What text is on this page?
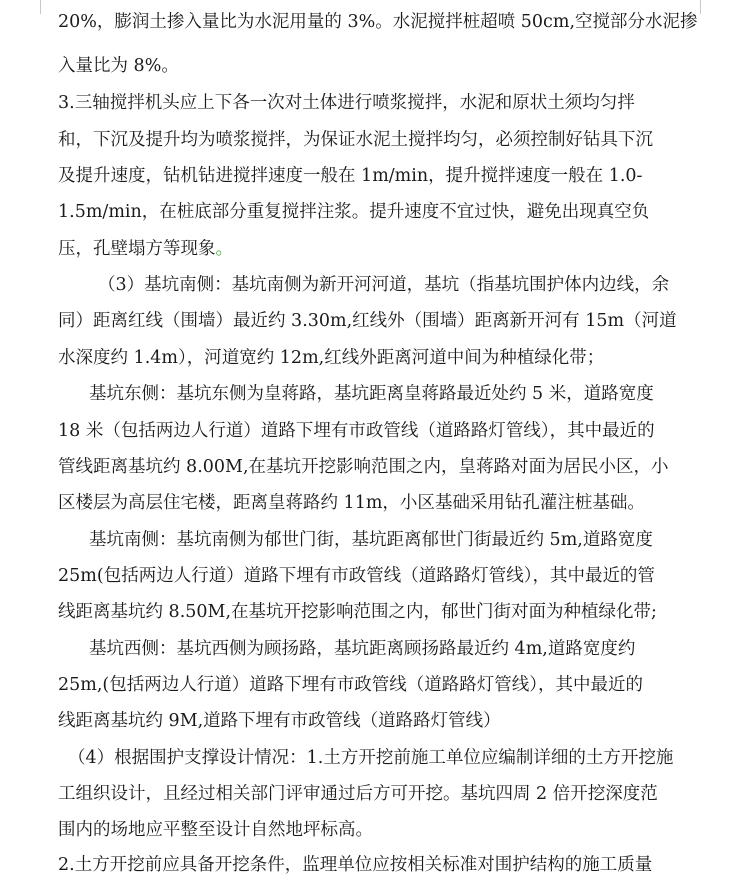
20%，膨润土掺入量比为水泥用量的 3%。水泥搅拌桩超喷 50cm,空搅部分水泥掺
入量比为 8%。
3.三轴搅拌机头应上下各一次对土体进行喷浆搅拌，水泥和原状土须均匀拌
和，下沉及提升均为喷浆搅拌，为保证水泥土搅拌均匀，必须控制好钻具下沉
及提升速度，钻机钻进搅拌速度一般在 1m/min，提升搅拌速度一般在 1.0-
1.5m/min，在桩底部分重复搅拌注浆。提升速度不宜过快，避免出现真空负
压，孔壁塌方等现象。
（3）基坑南侧：基坑南侧为新开河河道，基坑（指基坑围护体内边线，余
同）距离红线（围墙）最近约 3.30m,红线外（围墙）距离新开河有 15m（河道
水深度约 1.4m），河道宽约 12m,红线外距离河道中间为种植绿化带；
基坑东侧：基坑东侧为皇蒋路，基坑距离皇蒋路最近处约 5 米，道路宽度
18 米（包括两边人行道）道路下埋有市政管线（道路路灯管线），其中最近的
管线距离基坑约 8.00M,在基坑开挖影响范围之内，皇蒋路对面为居民小区，小
区楼层为高层住宅楼，距离皇蒋路约 11m，小区基础采用钻孔灌注桩基础。
基坑南侧：基坑南侧为郁世门街，基坑距离郁世门街最近约 5m,道路宽度
25m(包括两边人行道）道路下埋有市政管线（道路路灯管线），其中最近的管
线距离基坑约 8.50M,在基坑开挖影响范围之内，郁世门街对面为种植绿化带;
基坑西侧：基坑西侧为顾扬路，基坑距离顾扬路最近约 4m,道路宽度约
25m,(包括两边人行道）道路下埋有市政管线（道路路灯管线），其中最近的
线距离基坑约 9M,道路下埋有市政管线（道路路灯管线）
（4）根据围护支撑设计情况：1.土方开挖前施工单位应编制详细的土方开挖施
工组织设计，且经过相关部门评审通过后方可开挖。基坑四周 2 倍开挖深度范
围内的场地应平整至设计自然地坪标高。
2.土方开挖前应具备开挖条件，监理单位应按相关标准对围护结构的施工质量
